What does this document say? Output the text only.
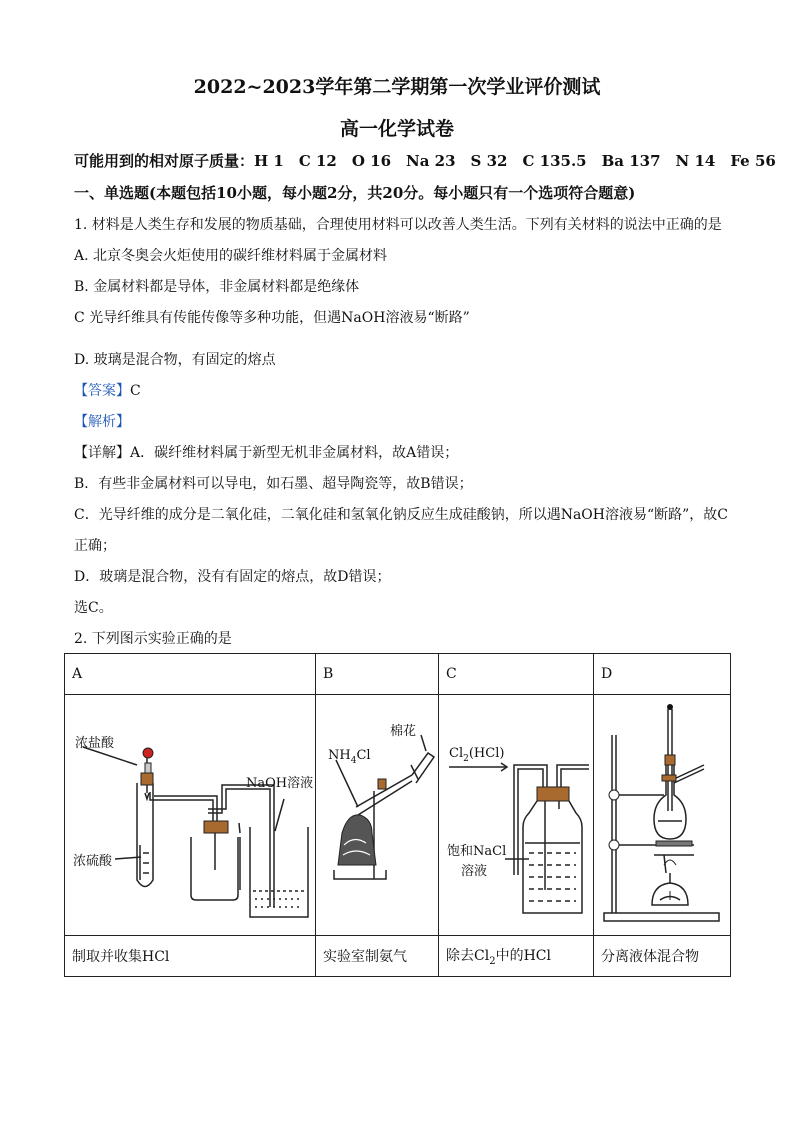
2022~2023学年第二学期第一次学业评价测试
高一化学试卷
可能用到的相对原子质量：H 1　C 12　O 16　Na 23　S 32　C 135.5　Ba 137　N 14　Fe 56
一、单选题(本题包括10小题，每小题2分，共20分。每小题只有一个选项符合题意)
1. 材料是人类生存和发展的物质基础，合理使用材料可以改善人类生活。下列有关材料的说法中正确的是
A. 北京冬奥会火炬使用的碳纤维材料属于金属材料
B. 金属材料都是导体，非金属材料都是绝缘体
C 光导纤维具有传能传像等多种功能，但遇NaOH溶液易“断路”
D. 玻璃是混合物，有固定的熔点
【答案】C
【解析】
【详解】A．碳纤维材料属于新型无机非金属材料，故A错误；
B．有些非金属材料可以导电，如石墨、超导陶瓷等，故B错误；
C．光导纤维的成分是二氧化硅，二氧化硅和氢氧化钠反应生成硅酸钠，所以遇NaOH溶液易“断路”，故C
正确；
D．玻璃是混合物，没有有固定的熔点，故D错误；
选C。
2. 下列图示实验正确的是
A	B	C	D

浓盐酸
浓硫酸
NaOH溶液	$NH_4Cl$
棉花	$Cl_2(HCl)$
饱和NaCl
溶液

制取并收集HCl	实验室制氨气	除去$Cl_2$中的HCl	分离液体混合物
